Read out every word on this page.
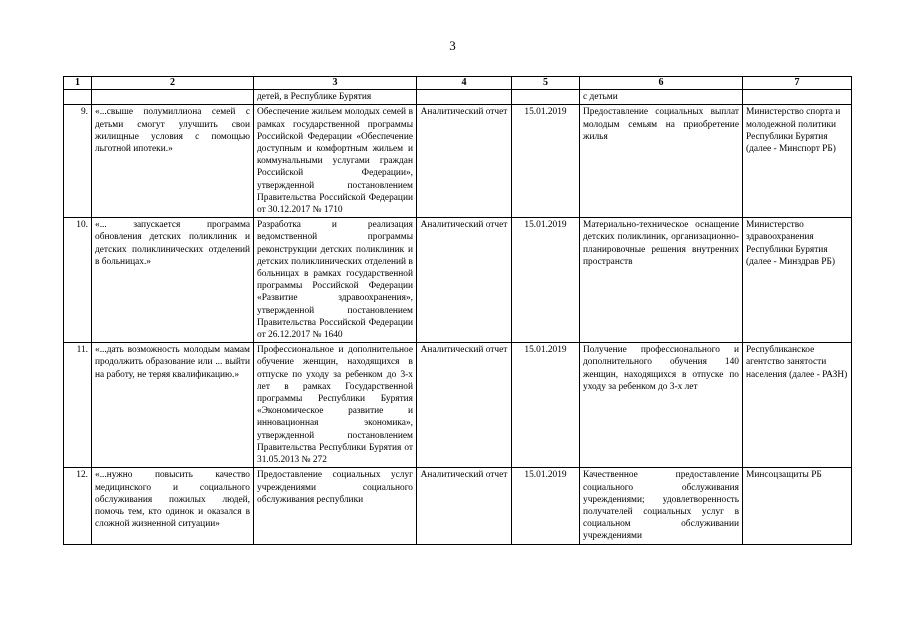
3
1	2	3	4	5	6	7
		детей, в Республике Бурятия			с детьми	
9.	«...свыше полумиллиона семей с детьми смогут улучшить свои жилищные условия с помощью льготной ипотеки.»	Обеспечение жильем молодых семей в рамках государственной программы Российской Федерации «Обеспечение доступным и комфортным жильем и коммунальными услугами граждан Российской Федерации», утвержденной постановлением Правительства Российской Федерации от 30.12.2017 № 1710	Аналитический отчет	15.01.2019	Предоставление социальных выплат молодым семьям на приобретение жилья	Министерство спорта и молодежной политики Республики Бурятия (далее - Минспорт РБ)
10.	«... запускается программа обновления детских поликлиник и детских поликлинических отделений в больницах.»	Разработка и реализация ведомственной программы реконструкции детских поликлиник и детских поликлинических отделений в больницах в рамках государственной программы Российской Федерации «Развитие здравоохранения», утвержденной постановлением Правительства Российской Федерации от 26.12.2017 № 1640	Аналитический отчет	15.01.2019	Материально-техническое оснащение детских поликлиник, организационно-планировочные решения внутренних пространств	Министерство здравоохранения Республики Бурятия (далее - Минздрав РБ)
11.	«...дать возможность молодым мамам продолжить образование или ... выйти на работу, не теряя квалификацию.»	Профессиональное и дополнительное обучение женщин, находящихся в отпуске по уходу за ребенком до 3-х лет в рамках Государственной программы Республики Бурятия «Экономическое развитие и инновационная экономика», утвержденной постановлением Правительства Республики Бурятия от 31.05.2013 № 272	Аналитический отчет	15.01.2019	Получение профессионального и дополнительного обучения 140 женщин, находящихся в отпуске по уходу за ребенком до 3-х лет	Республиканское агентство занятости населения (далее - РАЗН)
12.	«...нужно повысить качество медицинского и социального обслуживания пожилых людей, помочь тем, кто одинок и оказался в сложной жизненной ситуации»	Предоставление социальных услуг учреждениями социального обслуживания республики	Аналитический отчет	15.01.2019	Качественное предоставление социального обслуживания учреждениями; удовлетворенность получателей социальных услуг в социальном обслуживании учреждениями	Минсоцзащиты РБ
